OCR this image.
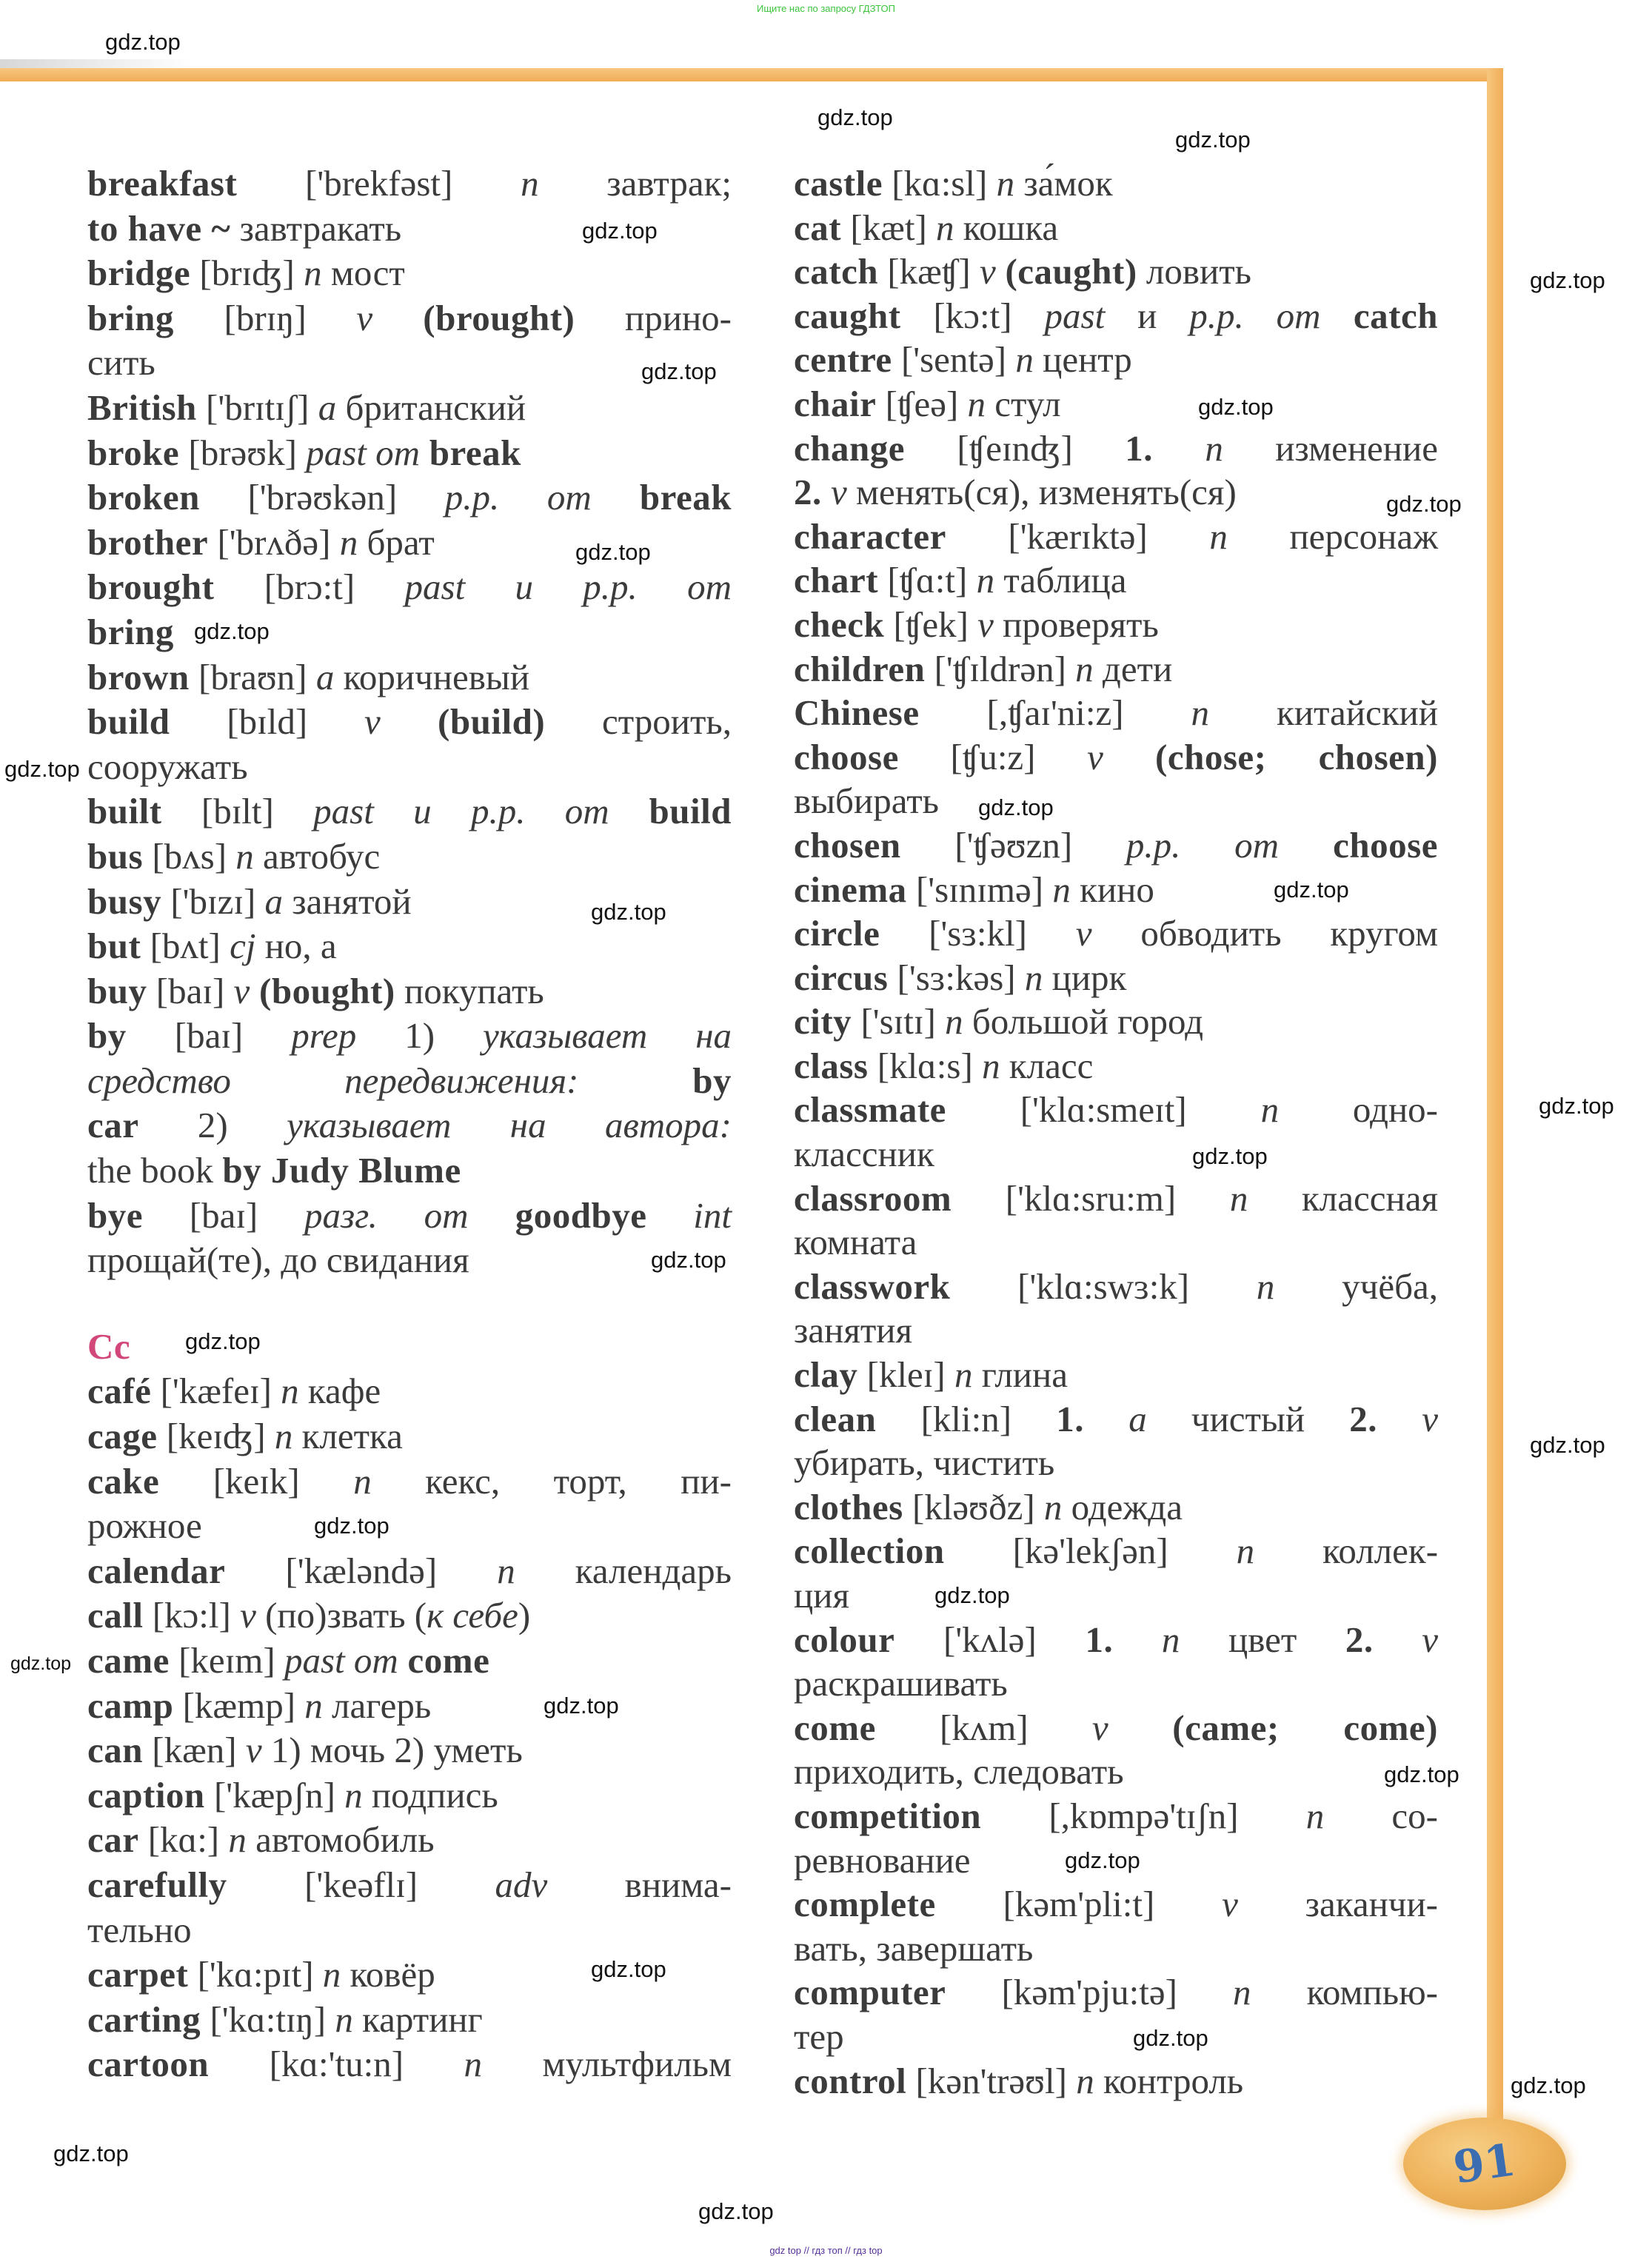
Ищите нас по запросу ГДЗТОП
breakfast ['brekfəst] n завтрак;
to have ~ завтракать
bridge [brɪʤ] n мост
bring [brɪŋ] v (brought) прино-
сить
British ['brɪtɪʃ] a британский
broke [brəʊk] past от break
broken ['brəʊkən] p.p. от break
brother ['brʌðə] n брат
brought [brɔ:t] past и p.p. от
bring
brown [braʊn] a коричневый
build [bɪld] v (build) строить,
сооружать
built [bɪlt] past и p.p. от build
bus [bʌs] n автобус
busy ['bɪzɪ] a занятой
but [bʌt] cj но, а
buy [baɪ] v (bought) покупать
by [baɪ] prep 1) указывает на
средство передвижения: by
car 2) указывает на автора:
the book by Judy Blume
bye [baɪ] разг. от goodbye int
прощай(те), до свидания
Cc
café ['kæfeɪ] n кафе
cage [keɪʤ] n клетка
cake [keɪk] n кекс, торт, пи-
рожное
calendar ['kæləndə] n календарь
call [kɔ:l] v (по)звать (к себе)
came [keɪm] past от come
camp [kæmp] n лагерь
can [kæn] v 1) мочь 2) уметь
caption ['kæpʃn] n подпись
car [kɑ:] n автомобиль
carefully ['keəflɪ] adv внима-
тельно
carpet ['kɑ:pɪt] n ковёр
carting ['kɑ:tɪŋ] n картинг
cartoon [kɑ:'tu:n] n мультфильм
castle [kɑ:sl] n за́мок
cat [kæt] n кошка
catch [kæʧ] v (caught) ловить
caught [kɔ:t] past и p.p. от catch
centre ['sentə] n центр
chair [ʧeə] n стул
change [ʧeɪnʤ] 1. n изменение
2. v менять(ся), изменять(ся)
character ['kærɪktə] n персонаж
chart [ʧɑ:t] n таблица
check [ʧek] v проверять
children ['ʧɪldrən] n дети
Chinese [,ʧaɪ'ni:z] n китайский
choose [ʧu:z] v (chose; chosen)
выбирать
chosen ['ʧəʊzn] p.p. от choose
cinema ['sɪnɪmə] n кино
circle ['sɜ:kl] v обводить кругом
circus ['sɜ:kəs] n цирк
city ['sɪtɪ] n большой город
class [klɑ:s] n класс
classmate ['klɑ:smeɪt] n одно-
классник
classroom ['klɑ:sru:m] n классная
комната
classwork ['klɑ:swɜ:k] n учёба,
занятия
clay [kleɪ] n глина
clean [kli:n] 1. a чистый 2. v
убирать, чистить
clothes [kləʊðz] n одежда
collection [kə'lekʃən] n коллек-
ция
colour ['kʌlə] 1. n цвет 2. v
раскрашивать
come [kʌm] v (came; come)
приходить, следовать
competition [,kɒmpə'tɪʃn] n со-
ревнование
complete [kəm'pli:t] v заканчи-
вать, завершать
computer [kəm'pju:tə] n компью-
тер
control [kən'trəʊl] n контроль
91
gdz.top
gdz.top
gdz.top
gdz.top
gdz.top
gdz.top
gdz.top
gdz.top
gdz.top
gdz.top
gdz.top
gdz.top
gdz.top
gdz.top
gdz.top
gdz.top
gdz.top
gdz.top
gdz.top
gdz.top
gdz.top
gdz.top
gdz.top
gdz.top
gdz.top
gdz.top
gdz.top
gdz.top
gdz.top
gdz.top
gdz top // гдз топ // гдз top
